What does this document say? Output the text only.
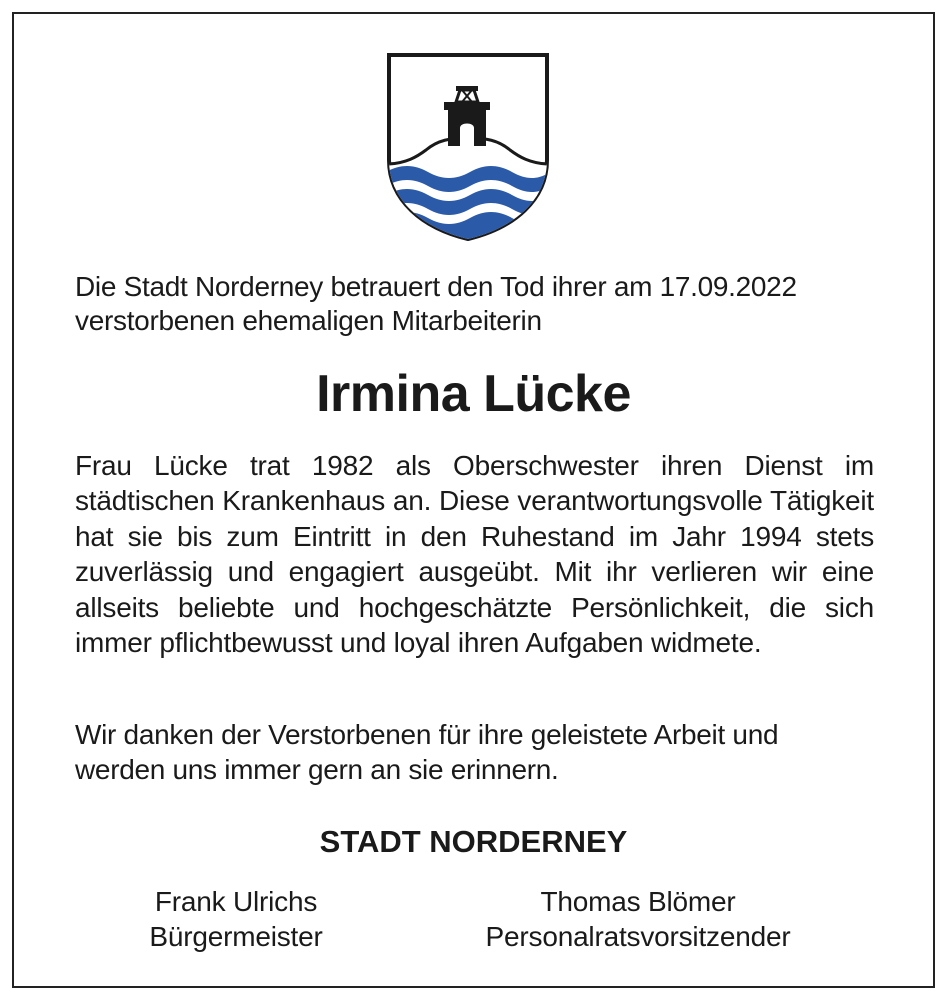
Die Stadt Norderney betrauert den Tod ihrer am 17.09.2022

verstorbenen ehemaligen Mitarbeiterin

Irmina Lücke
Frau Lücke trat 1982 als Oberschwester ihren Dienst im städtischen Krankenhaus an. Diese verantwortungsvolle Tätigkeit hat sie bis zum Eintritt in den Ruhestand im Jahr 1994 stets zuverlässig und engagiert ausgeübt. Mit ihr verlieren wir eine allseits beliebte und hochgeschätzte Persönlichkeit, die sich immer pflichtbewusst und loyal ihren Aufgaben widmete.
Wir danken der Verstorbenen für ihre geleistete Arbeit und
werden uns immer gern an sie erinnern.
STADT NORDERNEY
Frank Ulrichs
Bürgermeister
Thomas Blömer
Personalratsvorsitzender
